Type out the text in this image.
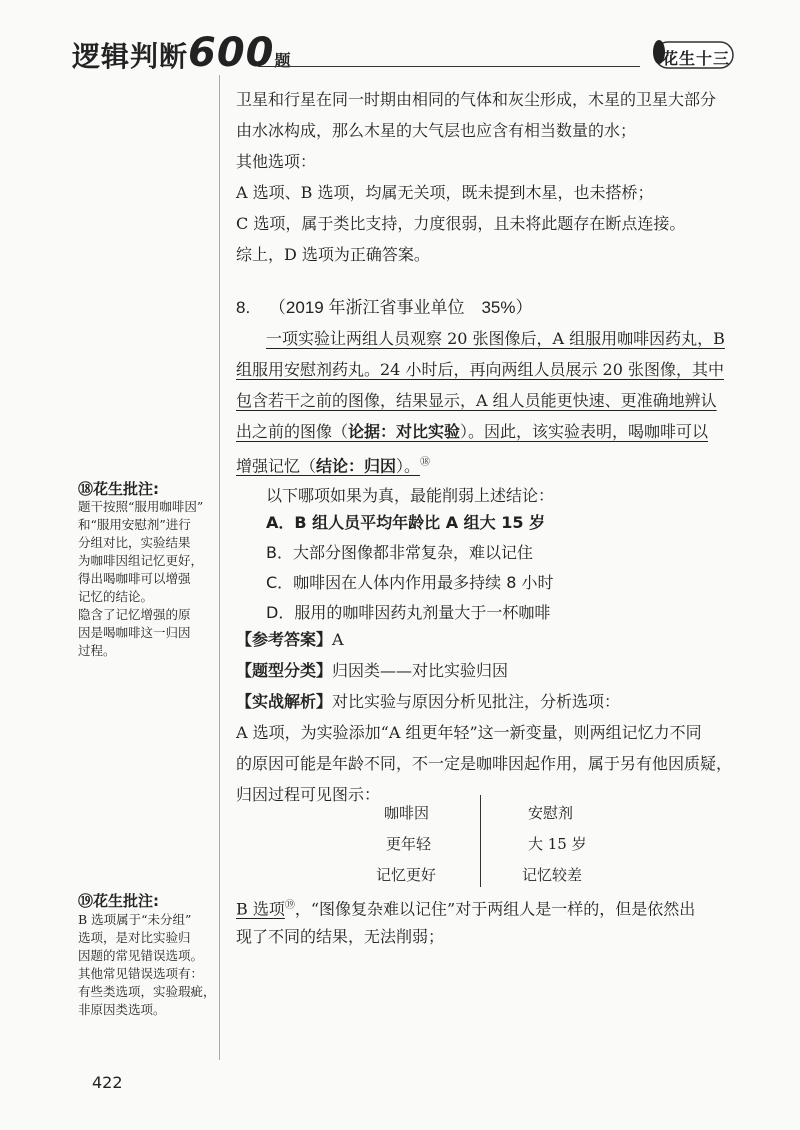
逻辑判断600题	花生十三
卫星和行星在同一时期由相同的气体和灰尘形成，木星的卫星大部分
由水冰构成，那么木星的大气层也应含有相当数量的水；
其他选项：
A 选项、B 选项，均属无关项，既未提到木星，也未搭桥；
C 选项，属于类比支持，力度很弱，且未将此题存在断点连接。
综上，D 选项为正确答案。
8. （2019 年浙江省事业单位　35%）
一项实验让两组人员观察 20 张图像后，A 组服用咖啡因药丸，B
组服用安慰剂药丸。24 小时后，再向两组人员展示 20 张图像，其中
包含若干之前的图像，结果显示，A 组人员能更快速、更准确地辨认
出之前的图像（论据：对比实验）。因此，该实验表明，喝咖啡可以
增强记忆（结论：归因）。⑱
以下哪项如果为真，最能削弱上述结论：
A．B 组人员平均年龄比 A 组大 15 岁
B．大部分图像都非常复杂，难以记住
C．咖啡因在人体内作用最多持续 8 小时
D．服用的咖啡因药丸剂量大于一杯咖啡
【参考答案】A
【题型分类】归因类——对比实验归因
【实战解析】对比实验与原因分析见批注，分析选项：
A 选项，为实验添加“A 组更年轻”这一新变量，则两组记忆力不同
的原因可能是年龄不同，不一定是咖啡因起作用，属于另有他因质疑，
归因过程可见图示：
咖啡因
更年轻
记忆更好
安慰剂
大 15 岁
记忆较差
B 选项⑲，“图像复杂难以记住”对于两组人是一样的，但是依然出
现了不同的结果，无法削弱；
⑱花生批注:
题干按照“服用咖啡因”
和“服用安慰剂”进行
分组对比，实验结果
为咖啡因组记忆更好，
得出喝咖啡可以增强
记忆的结论。
隐含了记忆增强的原
因是喝咖啡这一归因
过程。
⑲花生批注:
B 选项属于“未分组”
选项，是对比实验归
因题的常见错误选项。
其他常见错误选项有：
有些类选项，实验瑕疵，
非原因类选项。
422
